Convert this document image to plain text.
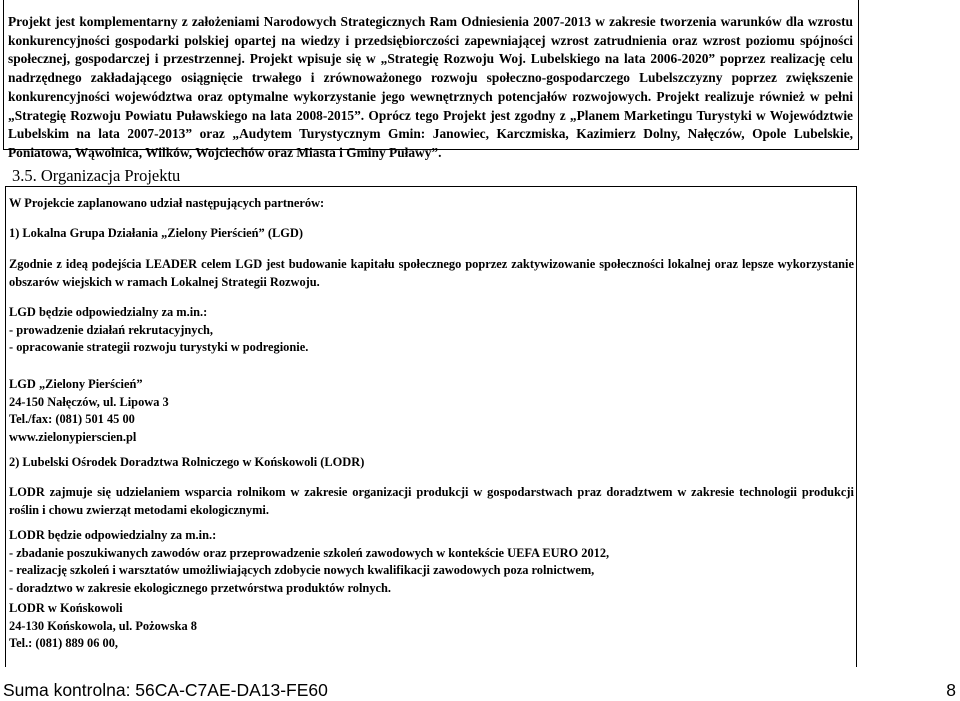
Projekt jest komplementarny z założeniami Narodowych Strategicznych Ram Odniesienia 2007-2013 w zakresie tworzenia warunków dla wzrostu konkurencyjności gospodarki polskiej opartej na wiedzy i przedsiębiorczości zapewniającej wzrost zatrudnienia oraz wzrost poziomu spójności społecznej, gospodarczej i przestrzennej. Projekt wpisuje się w „Strategię Rozwoju Woj. Lubelskiego na lata 2006-2020” poprzez realizację celu nadrzędnego zakładającego osiągnięcie trwałego i zrównoważonego rozwoju społeczno-gospodarczego Lubelszczyzny poprzez zwiększenie konkurencyjności województwa oraz optymalne wykorzystanie jego wewnętrznych potencjałów rozwojowych. Projekt realizuje również w pełni „Strategię Rozwoju Powiatu Puławskiego na lata 2008-2015”. Oprócz tego Projekt jest zgodny z „Planem Marketingu Turystyki w Województwie Lubelskim na lata 2007-2013” oraz „Audytem Turystycznym Gmin: Janowiec, Karczmiska, Kazimierz Dolny, Nałęczów, Opole Lubelskie, Poniatowa, Wąwolnica, Wilków, Wojciechów oraz Miasta i Gminy Puławy”.
3.5. Organizacja Projektu
W Projekcie zaplanowano udział następujących partnerów:
1) Lokalna Grupa Działania „Zielony Pierścień” (LGD)
Zgodnie z ideą podejścia LEADER celem LGD jest budowanie kapitału społecznego poprzez zaktywizowanie społeczności lokalnej oraz lepsze wykorzystanie obszarów wiejskich w ramach Lokalnej Strategii Rozwoju.
LGD będzie odpowiedzialny za m.in.:
- prowadzenie działań rekrutacyjnych,
- opracowanie strategii rozwoju turystyki w podregionie.
LGD „Zielony Pierścień”
24-150 Nałęczów, ul. Lipowa 3
Tel./fax: (081) 501 45 00
www.zielonypierscien.pl
2) Lubelski Ośrodek Doradztwa Rolniczego w Końskowoli (LODR)
LODR zajmuje się udzielaniem wsparcia rolnikom w zakresie organizacji produkcji w gospodarstwach praz doradztwem w zakresie technologii produkcji roślin i chowu zwierząt metodami ekologicznymi.
LODR będzie odpowiedzialny za m.in.:
- zbadanie poszukiwanych zawodów oraz przeprowadzenie szkoleń zawodowych w kontekście UEFA EURO 2012,
- realizację szkoleń i warsztatów umożliwiających zdobycie nowych kwalifikacji zawodowych poza rolnictwem,
- doradztwo w zakresie ekologicznego przetwórstwa produktów rolnych.
LODR w Końskowoli
24-130 Końskowola, ul. Pożowska 8
Tel.: (081) 889 06 00,
Suma kontrolna: 56CA-C7AE-DA13-FE60	8
